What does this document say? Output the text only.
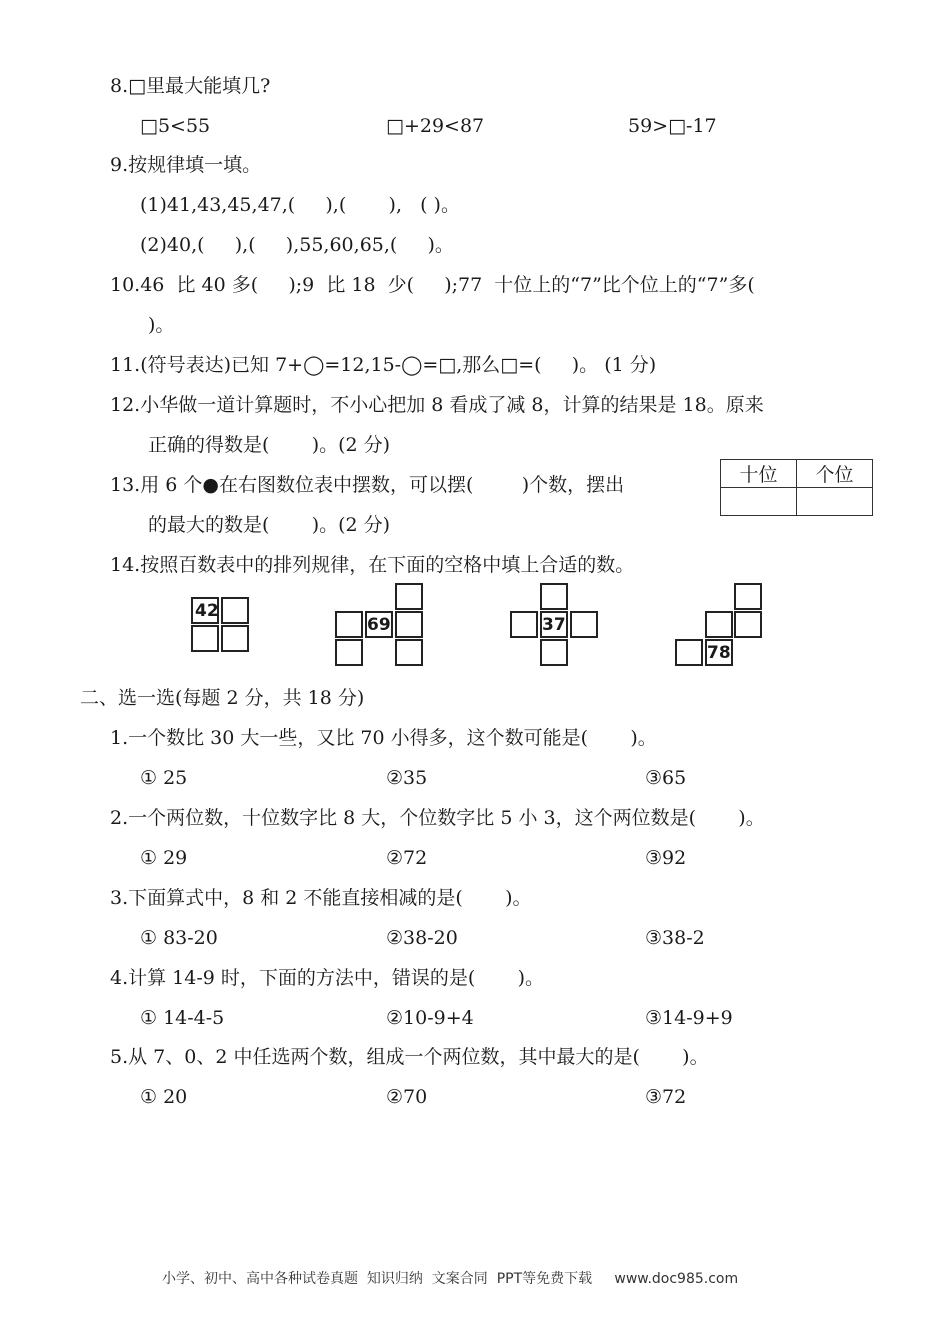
8.□里最大能填几?
□5<55	□+29<87	59>□-17
9.按规律填一填。
(1)41,43,45,47,(     ),(       ),   ( )。
(2)40,(     ),(     ),55,60,65,(     )。
10.46  比 40 多(     );9  比 18  少(     );77  十位上的“7”比个位上的“7”多(
)。
11.(符号表达)已知 7+◯=12,15-◯=□,那么□=(     )。 (1 分)
12.小华做一道计算题时，不小心把加 8 看成了减 8，计算的结果是 18。原来
正确的得数是(       )。(2 分)
13.用 6 个●在右图数位表中摆数，可以摆(        )个数，摆出
的最大的数是(       )。(2 分)
十位	个位

14.按照百数表中的排列规律，在下面的空格中填上合适的数。
42
69	37
78
二、选一选(每题 2 分，共 18 分)
1.一个数比 30 大一些，又比 70 小得多，这个数可能是(       )。
① 25	②35	③65
2.一个两位数，十位数字比 8 大，个位数字比 5 小 3，这个两位数是(       )。
① 29	②72	③92
3.下面算式中，8 和 2 不能直接相减的是(       )。
① 83-20	②38-20	③38-2
4.计算 14-9 时，下面的方法中，错误的是(       )。
① 14-4-5	②10-9+4	③14-9+9
5.从 7、0、2 中任选两个数，组成一个两位数，其中最大的是(       )。
① 20	②70	③72
小学、初中、高中各种试卷真题  知识归纳  文案合同  PPT等免费下载     www.doc985.com
